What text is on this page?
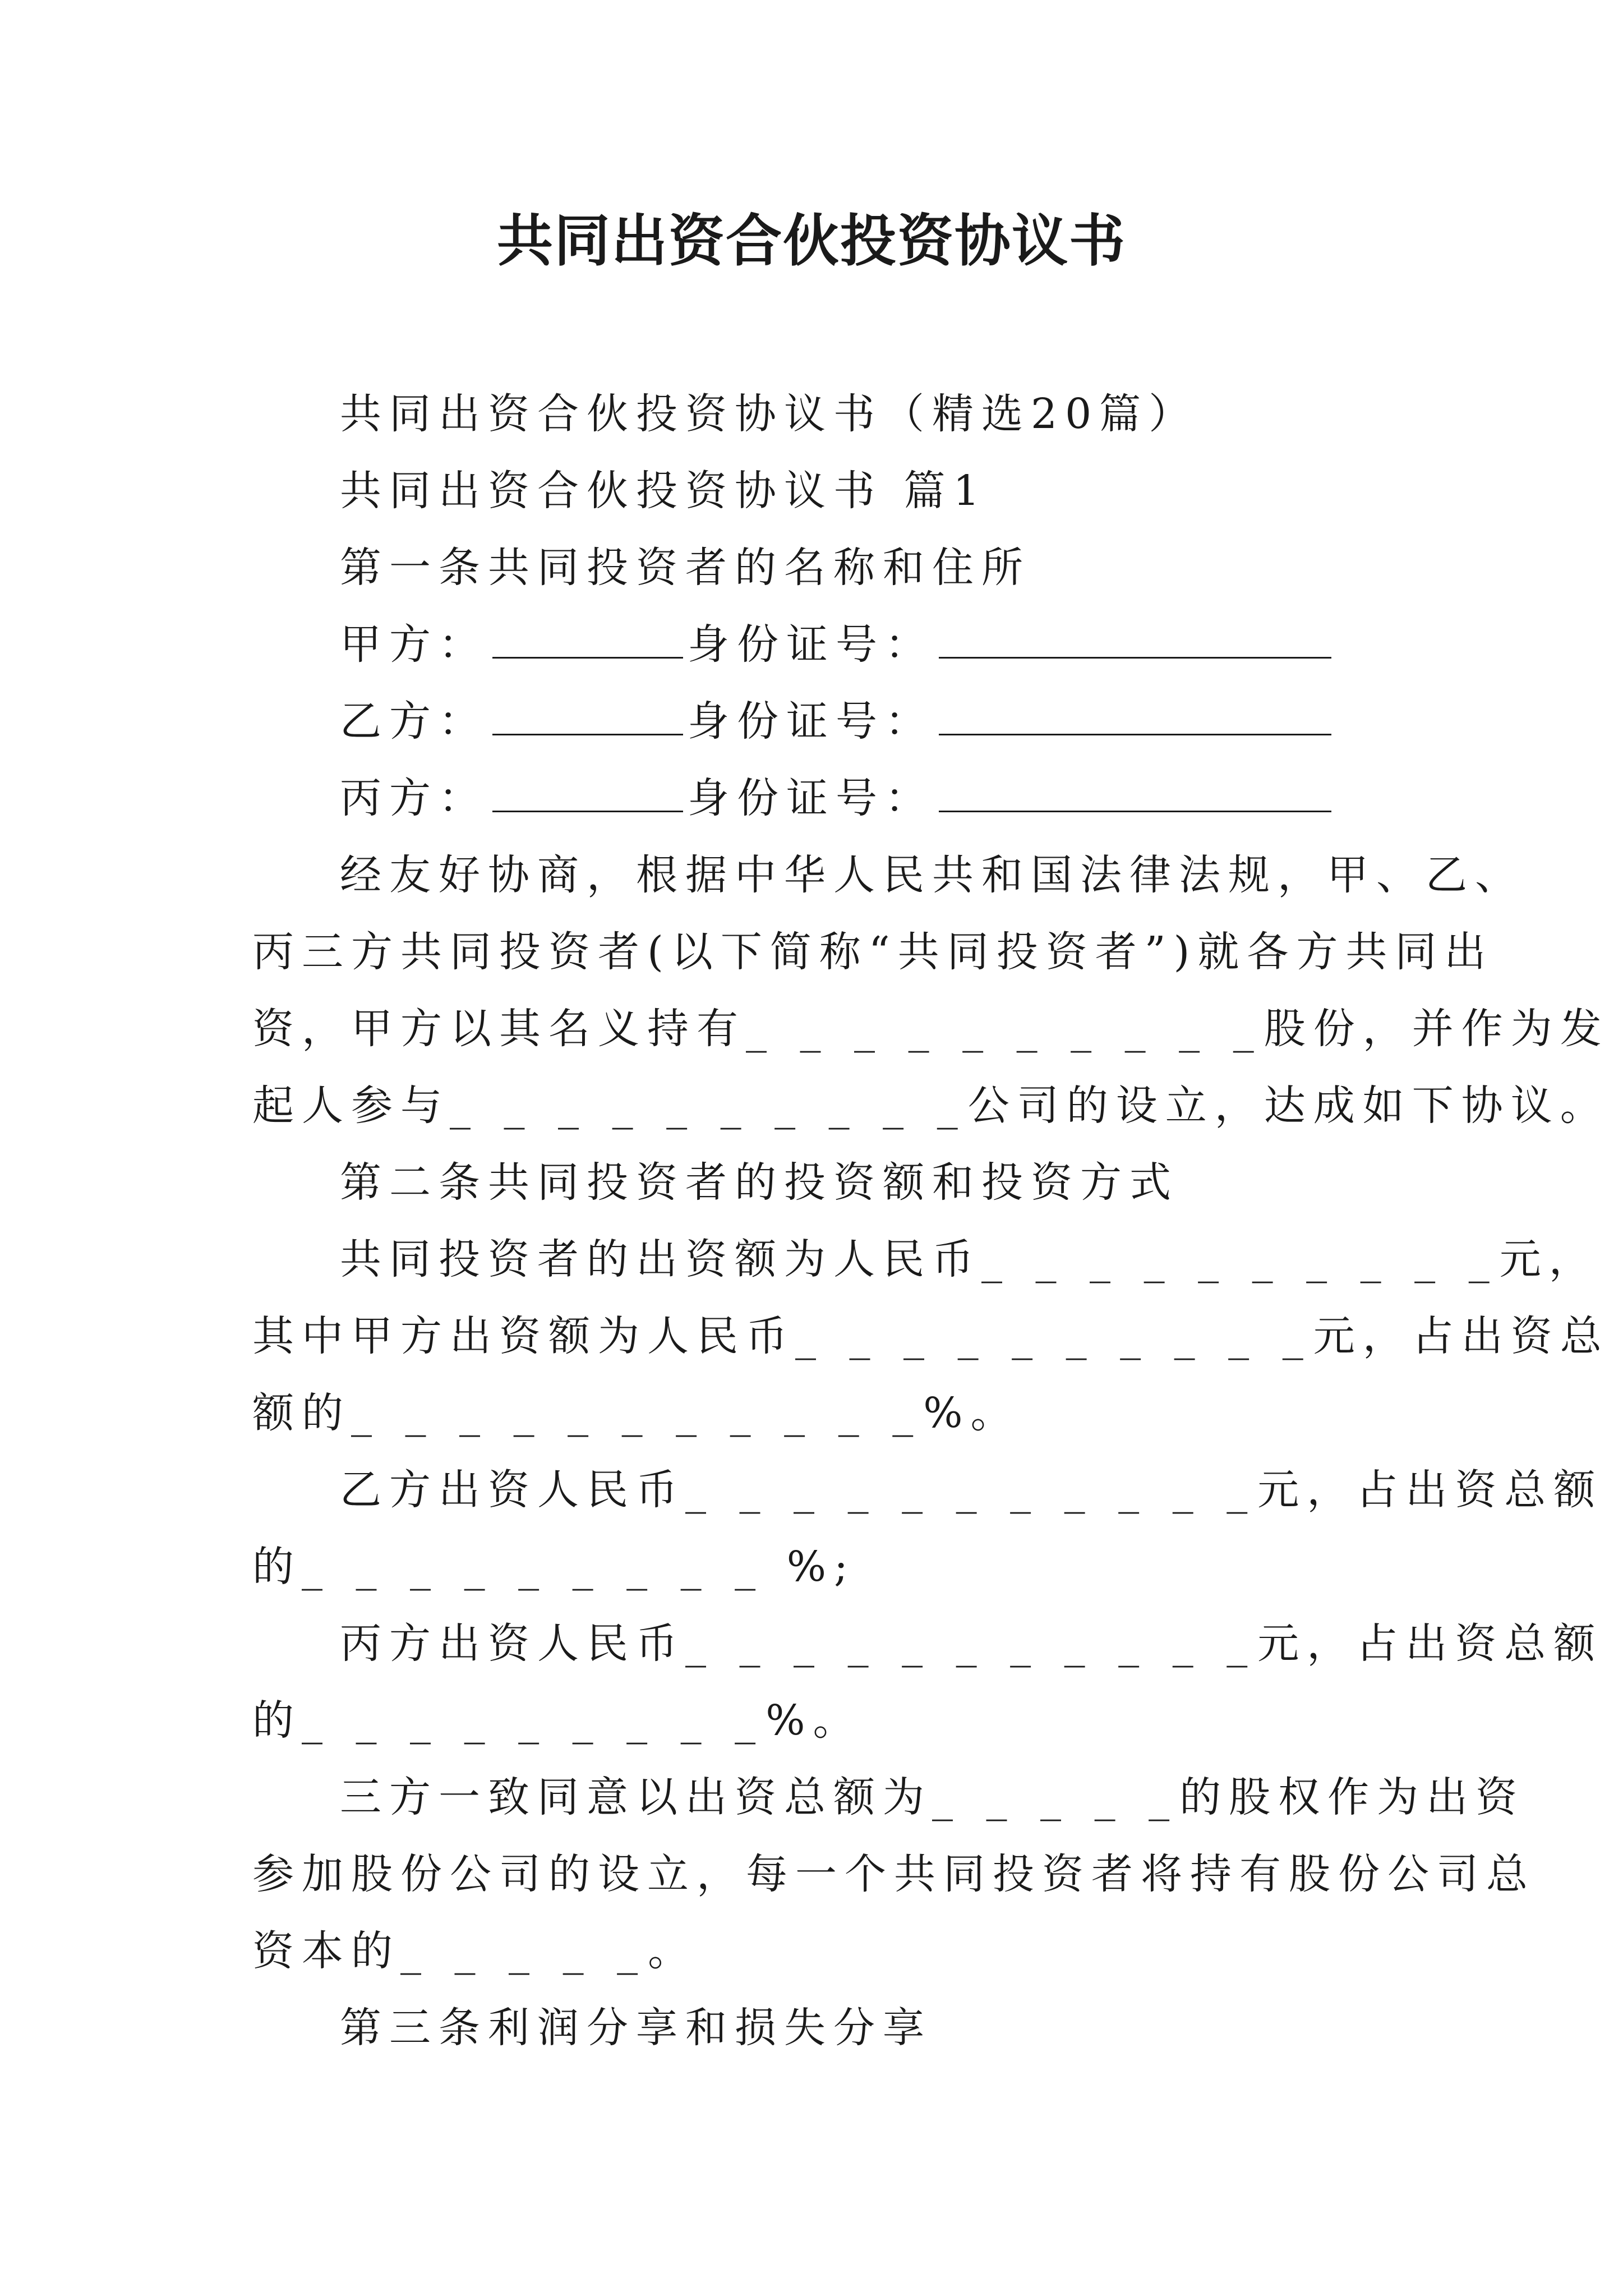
共同出资合伙投资协议书

共同出资合伙投资协议书（精选20篇）

共同出资合伙投资协议书 篇1

第一条共同投资者的名称和住所

甲方：	身份证号：

乙方：	身份证号：

丙方：	身份证号：

经友好协商，根据中华人民共和国法律法规，甲、乙、

丙三方共同投资者(以下简称“共同投资者”)就各方共同出

资，甲方以其名义持有_ _ _ _ _ _ _ _ _ _股份，并作为发

起人参与_ _ _ _ _ _ _ _ _ _公司的设立，达成如下协议。

第二条共同投资者的投资额和投资方式

共同投资者的出资额为人民币_ _ _ _ _ _ _ _ _ _元，

其中甲方出资额为人民币_ _ _ _ _ _ _ _ _ _元，占出资总

额的_ _ _ _ _ _ _ _ _ _ _%。

乙方出资人民币_ _ _ _ _ _ _ _ _ _ _元，占出资总额

的_ _ _ _ _ _ _ _ _ %;

丙方出资人民币_ _ _ _ _ _ _ _ _ _ _元，占出资总额

的_ _ _ _ _ _ _ _ _%。

三方一致同意以出资总额为_ _ _ _ _的股权作为出资

参加股份公司的设立，每一个共同投资者将持有股份公司总

资本的_ _ _ _ _。

第三条利润分享和损失分享
